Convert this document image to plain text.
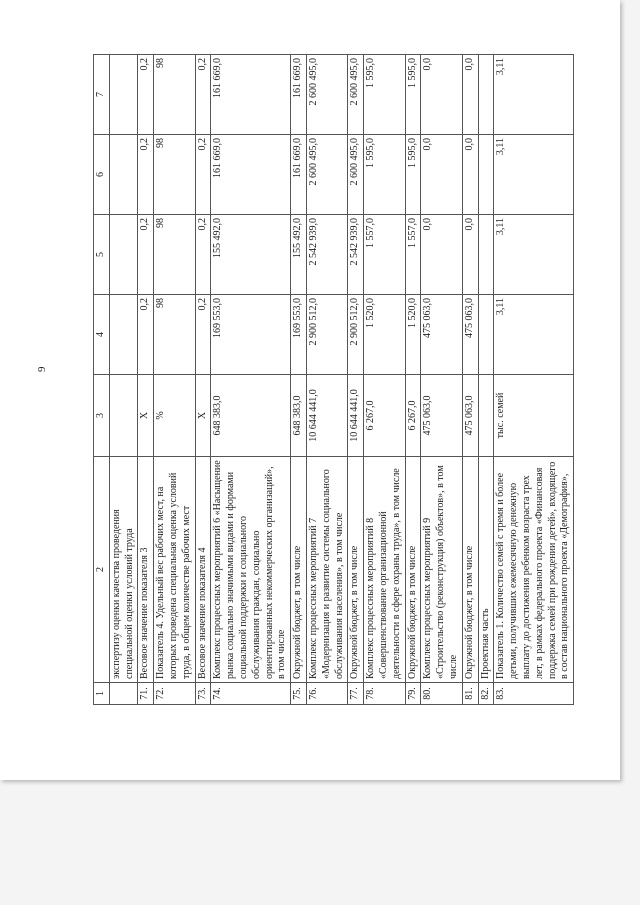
9
1	2	3	4	5	6	7
	экспертизу оценки качества проведения специальной оценки условий труда					
71.	Весовое значение показателя 3	X	0,2	0,2	0,2	0,2
72.	Показатель 4. Удельный вес рабочих мест, на которых проведена специальная оценка условий труда, в общем количестве рабочих мест	%	98	98	98	98
73.	Весовое значение показателя 4	X	0,2	0,2	0,2	0,2
74.	Комплекс процессных мероприятий 6 «Насыщение рынка социально значимыми видами и формами социальной поддержки и социального обслуживания граждан, социально ориентированных некоммерческих организаций», в том числе	648 383,0	169 553,0	155 492,0	161 669,0	161 669,0
75.	Окружной бюджет, в том числе	648 383,0	169 553,0	155 492,0	161 669,0	161 669,0
76.	Комплекс процессных мероприятий 7 «Модернизация и развитие системы социального обслуживания населения», в том числе	10 644 441,0	2 900 512,0	2 542 939,0	2 600 495,0	2 600 495,0
77.	Окружной бюджет, в том числе	10 644 441,0	2 900 512,0	2 542 939,0	2 600 495,0	2 600 495,0
78.	Комплекс процессных мероприятий 8 «Совершенствование организационной деятельности в сфере охраны труда», в том числе	6 267,0	1 520,0	1 557,0	1 595,0	1 595,0
79.	Окружной бюджет, в том числе	6 267,0	1 520,0	1 557,0	1 595,0	1 595,0
80.	Комплекс процессных мероприятий 9 «Строительство (реконструкция) объектов», в том числе	475 063,0	475 063,0	0,0	0,0	0,0
81.	Окружной бюджет, в том числе	475 063,0	475 063,0	0,0	0,0	0,0
82.	Проектная часть					
83.	Показатель 1. Количество семей с тремя и более детьми, получивших ежемесячную денежную выплату до достижения ребенком возраста трех лет, в рамках федерального проекта «Финансовая поддержка семей при рождении детей», входящего в состав национального проекта «Демография»,	тыс. семей	3,11	3,11	3,11	3,11
